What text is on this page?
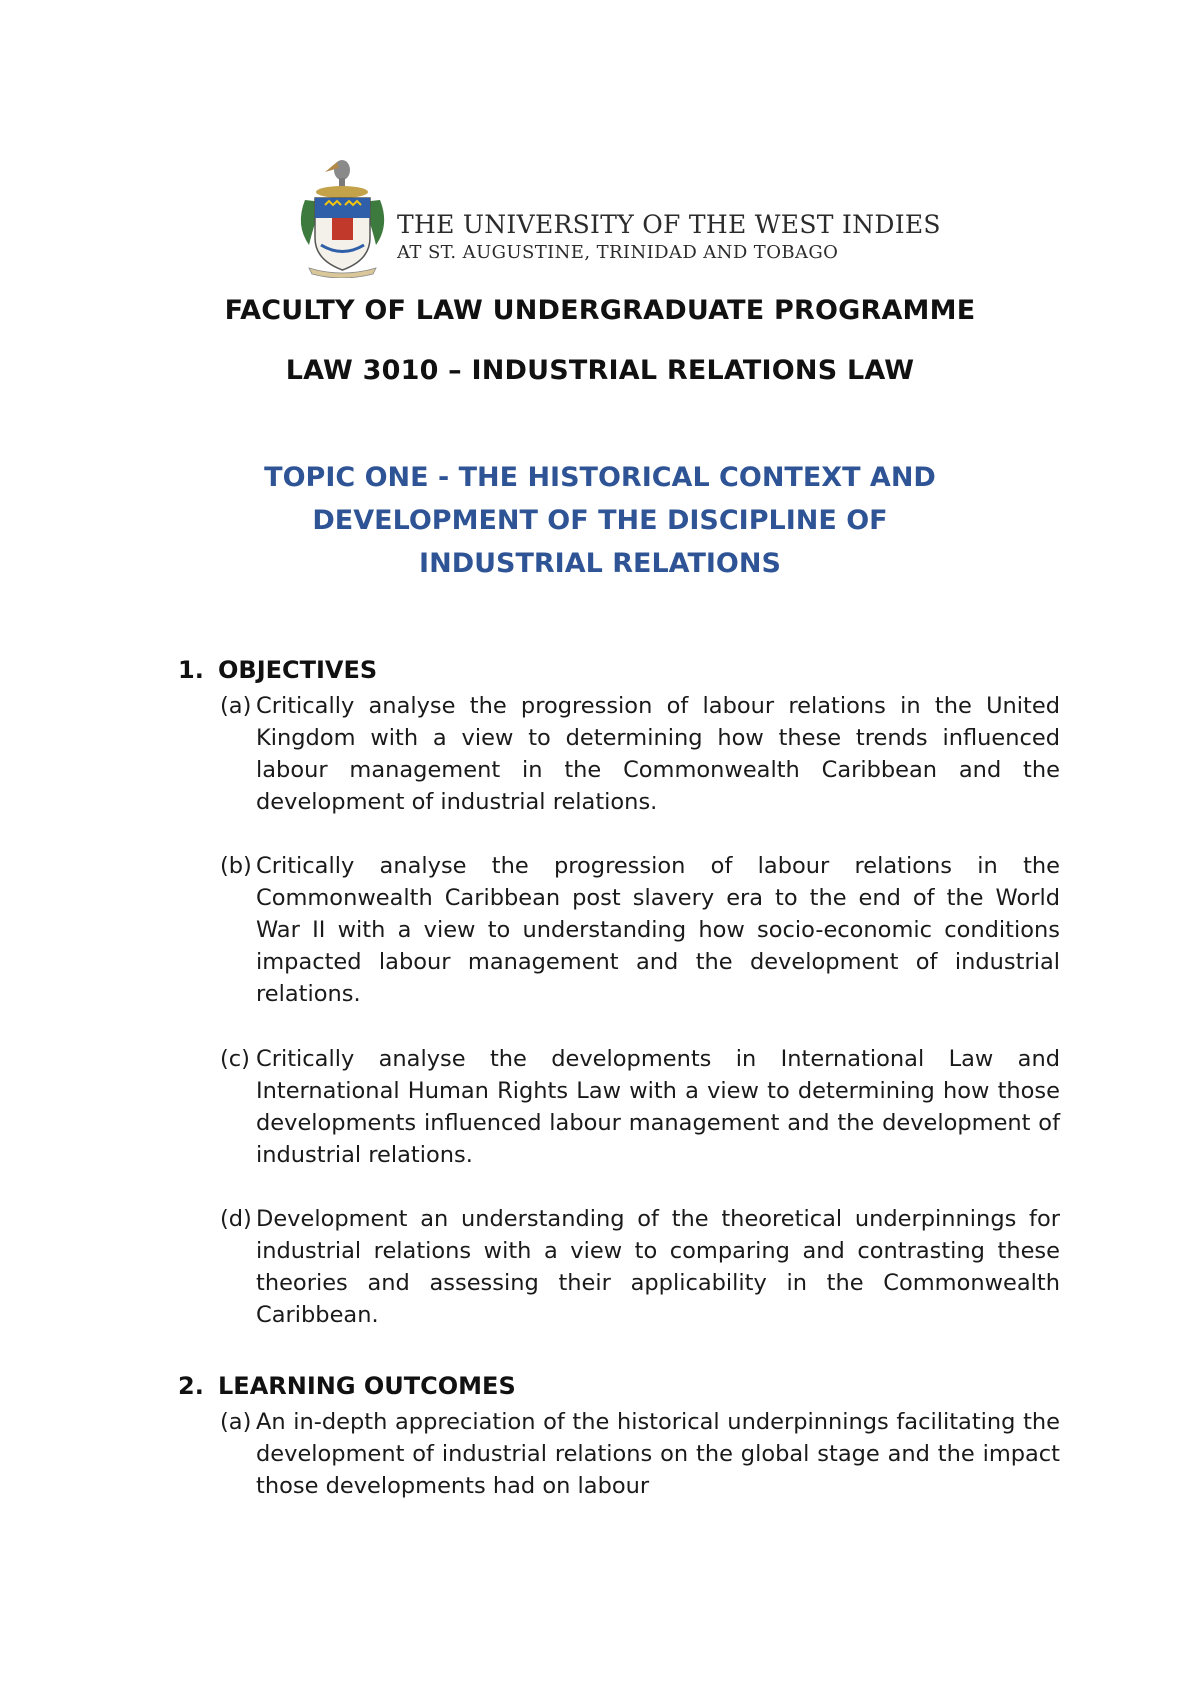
THE UNIVERSITY OF THE WEST INDIES
AT ST. AUGUSTINE, TRINIDAD AND TOBAGO
FACULTY OF LAW UNDERGRADUATE PROGRAMME
LAW 3010 – INDUSTRIAL RELATIONS LAW
TOPIC ONE - THE HISTORICAL CONTEXT AND DEVELOPMENT OF THE DISCIPLINE OF INDUSTRIAL RELATIONS
1. OBJECTIVES
(a) Critically analyse the progression of labour relations in the United Kingdom with a view to determining how these trends influenced labour management in the Commonwealth Caribbean and the development of industrial relations.
(b) Critically analyse the progression of labour relations in the Commonwealth Caribbean post slavery era to the end of the World War II with a view to understanding how socio-economic conditions impacted labour management and the development of industrial relations.
(c) Critically analyse the developments in International Law and International Human Rights Law with a view to determining how those developments influenced labour management and the development of industrial relations.
(d) Development an understanding of the theoretical underpinnings for industrial relations with a view to comparing and contrasting these theories and assessing their applicability in the Commonwealth Caribbean.
2. LEARNING OUTCOMES
(a) An in-depth appreciation of the historical underpinnings facilitating the development of industrial relations on the global stage and the impact those developments had on labour
